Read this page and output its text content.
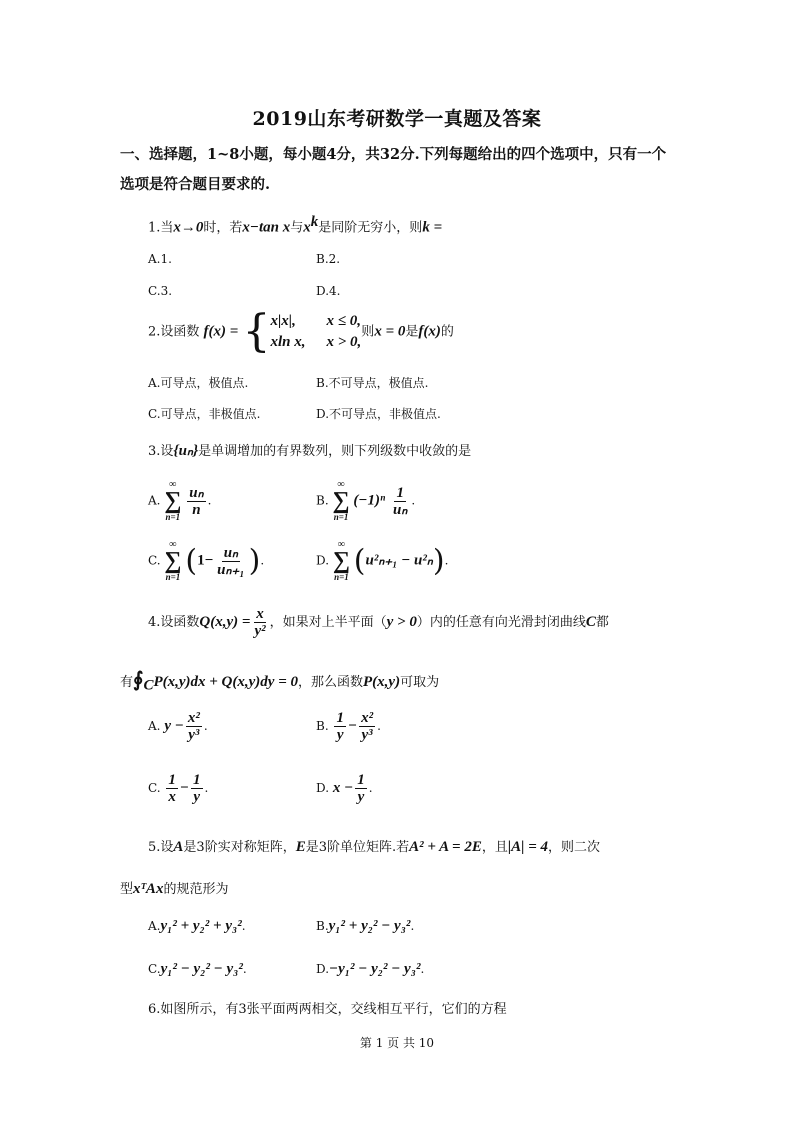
2019山东考研数学一真题及答案
一、选择题，1~8小题，每小题4分，共32分.下列每题给出的四个选项中，只有一个选项是符合题目要求的.
1.当x→0时，若x−tan x与$x^k$是同阶无穷小，则k =
A.1.	B.2.
C.3.	D.4.
2.设函数 f(x) = { x|x|, x ≤ 0,
xln x, x > 0,
则x = 0是f(x)的
A.可导点，极值点.	B.不可导点，极值点.
C.可导点，非极值点.	D.不可导点，非极值点.
3.设{uₙ}是单调增加的有界数列，则下列级数中收敛的是
A.
∞
∑
n=1
$\frac{\text{uₙ}}{n}$ .	B.
∞
∑
n=1
$(-1)^n \frac{1}{\text{uₙ}}$ .
C.
∞
∑
n=1 ($1- \frac{\text{uₙ}}{\text{uₙ₊₁}}$ ).	D.
∞
∑
n=1 (u²ₙ₊₁ − u²ₙ).
4.设函数$Q(x,y) = \frac{x}{\text{y²}}$ ，如果对上半平面（y > 0）内的任意有向光滑封闭曲线C都
有$∮_CP(x,y)dx + Q(x,y)dy = 0$，那么函数P(x,y)可取为
A. $y - \frac{\text{x²}}{\text{y³}}$ .	B. $\frac{1}{y} - \frac{\text{x²}}{\text{y³}}$ .
C. $\frac{1}{x} - \frac{1}{y}$ .	D. $x - \frac{1}{y}$ .
5.设A是3阶实对称矩阵，E是3阶单位矩阵.若A² + A = 2E，且|A| = 4，则二次
型xᵀAx的规范形为
A.y₁² + y₂² + y₃².	B.y₁² + y₂² − y₃².
C.y₁² − y₂² − y₃².	D.−y₁² − y₂² − y₃².
6.如图所示，有3张平面两两相交，交线相互平行，它们的方程
第 1 页 共 10
